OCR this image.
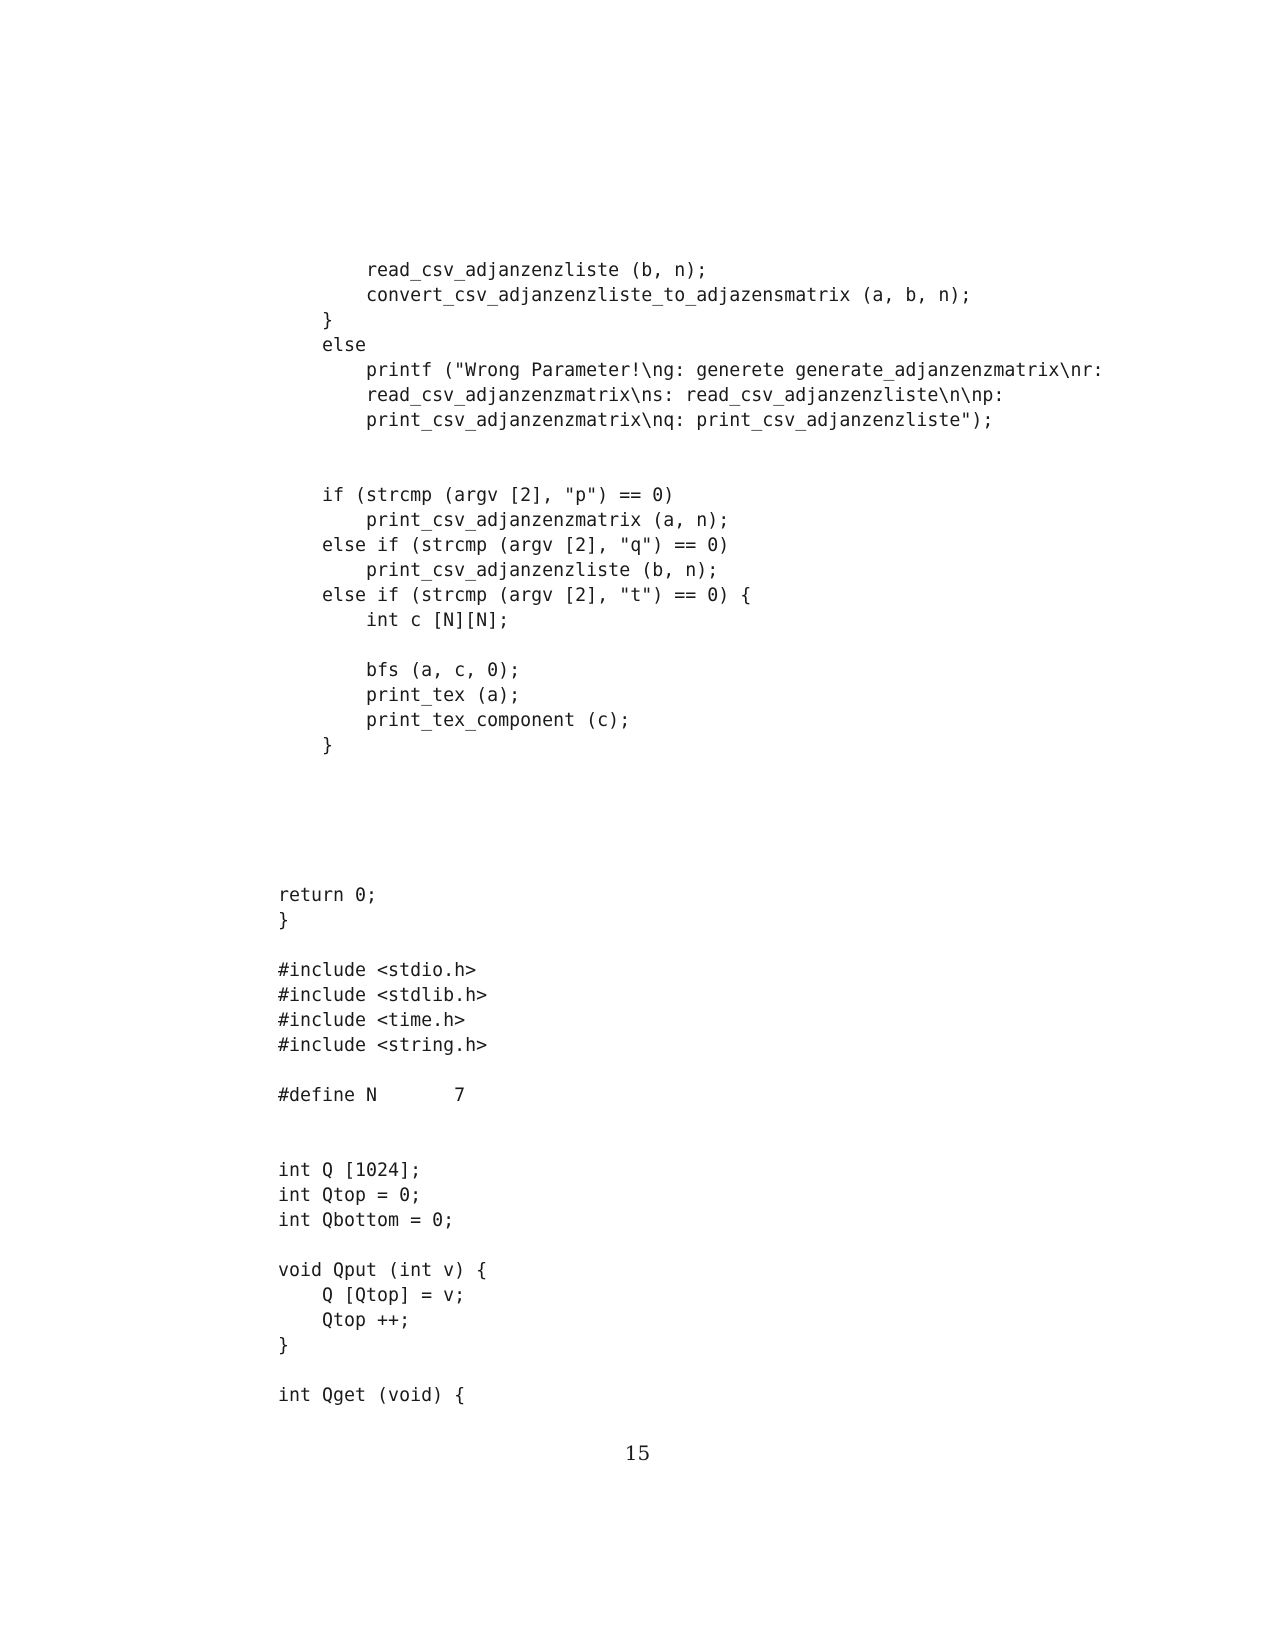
read_csv_adjanzenzliste (b, n);
convert_csv_adjanzenzliste_to_adjazensmatrix (a, b, n);
}
else
printf ("Wrong Parameter!\ng: generete generate_adjanzenzmatrix\nr:
read_csv_adjanzenzmatrix\ns: read_csv_adjanzenzliste\n\np:
print_csv_adjanzenzmatrix\nq: print_csv_adjanzenzliste");
if (strcmp (argv [2], "p") == 0)
print_csv_adjanzenzmatrix (a, n);
else if (strcmp (argv [2], "q") == 0)
print_csv_adjanzenzliste (b, n);
else if (strcmp (argv [2], "t") == 0) {
int c [N][N];
bfs (a, c, 0);
print_tex (a);
print_tex_component (c);
}
return 0;
}
#include <stdio.h>
#include <stdlib.h>
#include <time.h>
#include <string.h>
#define N       7
int Q [1024];
int Qtop = 0;
int Qbottom = 0;
void Qput (int v) {
Q [Qtop] = v;
Qtop ++;
}
int Qget (void) {
15
